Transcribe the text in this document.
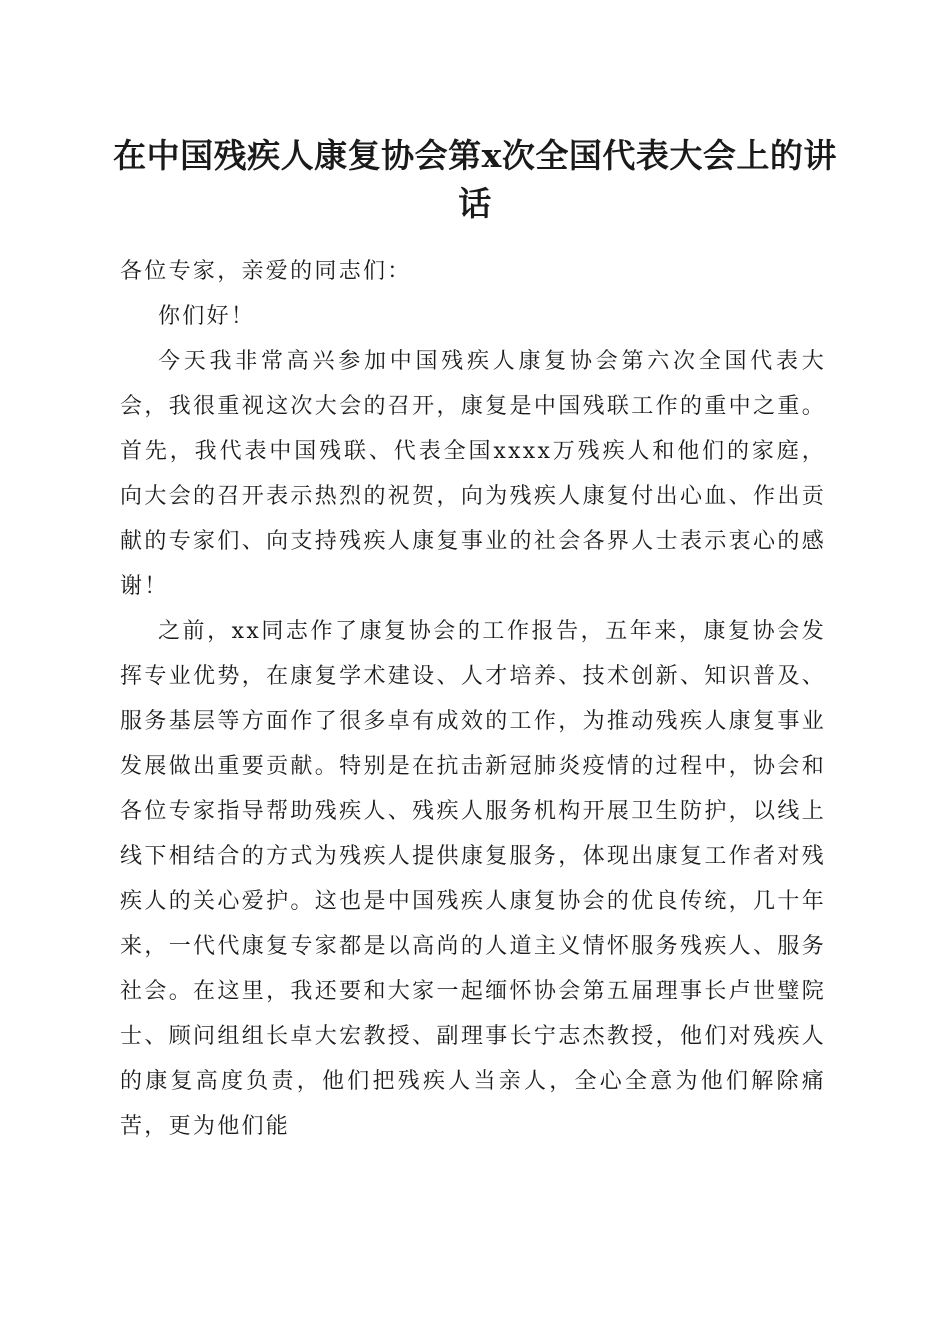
在中国残疾人康复协会第x次全国代表大会上的讲话

各位专家，亲爱的同志们：

你们好！

今天我非常高兴参加中国残疾人康复协会第六次全国代表大会，我很重视这次大会的召开，康复是中国残联工作的重中之重。首先，我代表中国残联、代表全国xxxx万残疾人和他们的家庭，向大会的召开表示热烈的祝贺，向为残疾人康复付出心血、作出贡献的专家们、向支持残疾人康复事业的社会各界人士表示衷心的感谢！

之前，xx同志作了康复协会的工作报告，五年来，康复协会发挥专业优势，在康复学术建设、人才培养、技术创新、知识普及、服务基层等方面作了很多卓有成效的工作，为推动残疾人康复事业发展做出重要贡献。特别是在抗击新冠肺炎疫情的过程中，协会和各位专家指导帮助残疾人、残疾人服务机构开展卫生防护，以线上线下相结合的方式为残疾人提供康复服务，体现出康复工作者对残疾人的关心爱护。这也是中国残疾人康复协会的优良传统，几十年来，一代代康复专家都是以高尚的人道主义情怀服务残疾人、服务社会。在这里，我还要和大家一起缅怀协会第五届理事长卢世璧院士、顾问组组长卓大宏教授、副理事长宁志杰教授，他们对残疾人的康复高度负责，他们把残疾人当亲人，全心全意为他们解除痛苦，更为他们能
